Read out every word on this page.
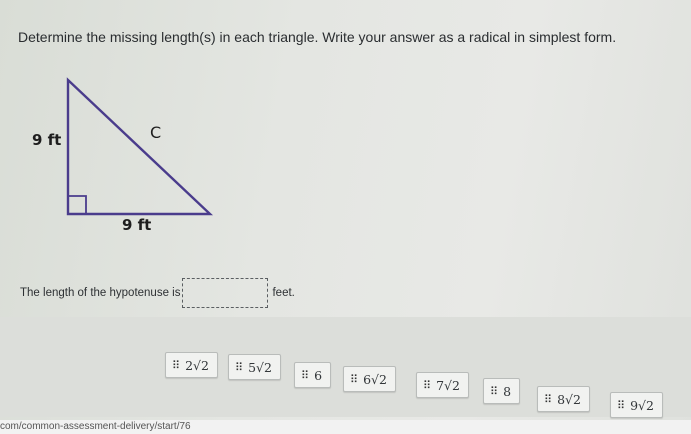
Determine the missing length(s) in each triangle. Write your answer as a radical in simplest form.
9 ft
9 ft
C
The length of the hypotenuse is	feet.
⠿ 2√2 ⠿ 5√2
⠿ 6	⠿ 6√2	⠿ 7√2	⠿ 8
⠿ 8√2	⠿ 9√2
com/common-assessment-delivery/start/76
